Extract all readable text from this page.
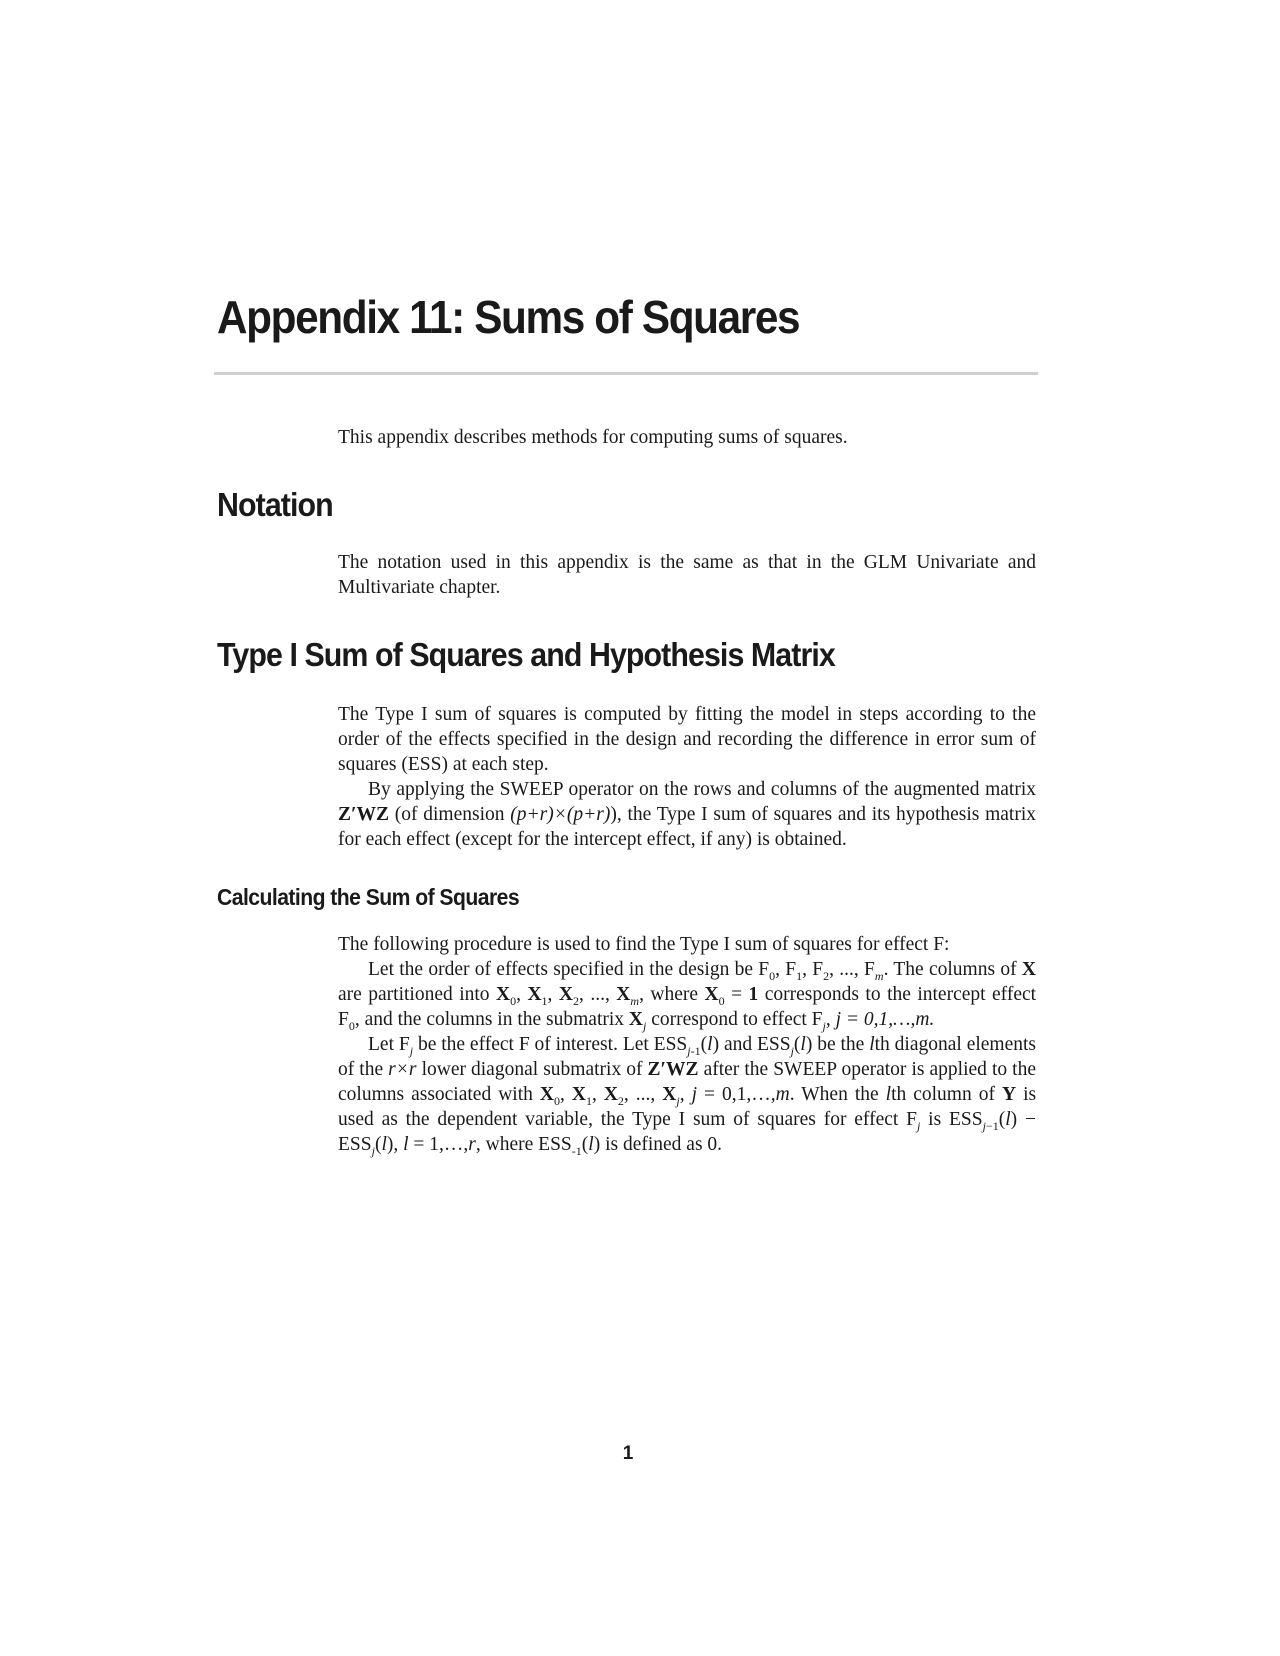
Appendix 11: Sums of Squares

This appendix describes methods for computing sums of squares.

Notation

The notation used in this appendix is the same as that in the GLM Univariate and Multivariate chapter.

Type I Sum of Squares and Hypothesis Matrix

The Type I sum of squares is computed by fitting the model in steps according to the order of the effects specified in the design and recording the difference in error sum of squares (ESS) at each step.

By applying the SWEEP operator on the rows and columns of the augmented matrix Z′WZ (of dimension (p+r)×(p+r)), the Type I sum of squares and its hypothesis matrix for each effect (except for the intercept effect, if any) is obtained.

Calculating the Sum of Squares

The following procedure is used to find the Type I sum of squares for effect F:

Let the order of effects specified in the design be $F_0$, $F_1$, $F_2$, ..., $F_m$. The columns of X are partitioned into $X_0$, $X_1$, $X_2$, ..., $X_m$, where $X_0 = 1$ corresponds to the intercept effect $F_0$, and the columns in the submatrix $X_j$ correspond to effect $F_j$, j = 0,1,…,m.

Let $F_j$ be the effect F of interest. Let $ESS_{j-1}(l)$ and $ESS_j(l)$ be the lth diagonal elements of the r×r lower diagonal submatrix of Z′WZ after the SWEEP operator is applied to the columns associated with $X_0$, $X_1$, $X_2$, ..., $X_j$, j = 0,1,…,m. When the lth column of Y is used as the dependent variable, the Type I sum of squares for effect $F_j$ is $ESS_{j-1}(l) - ESS_j(l)$, l = 1,…,r, where $ESS_{-1}(l)$ is defined as 0.

1
